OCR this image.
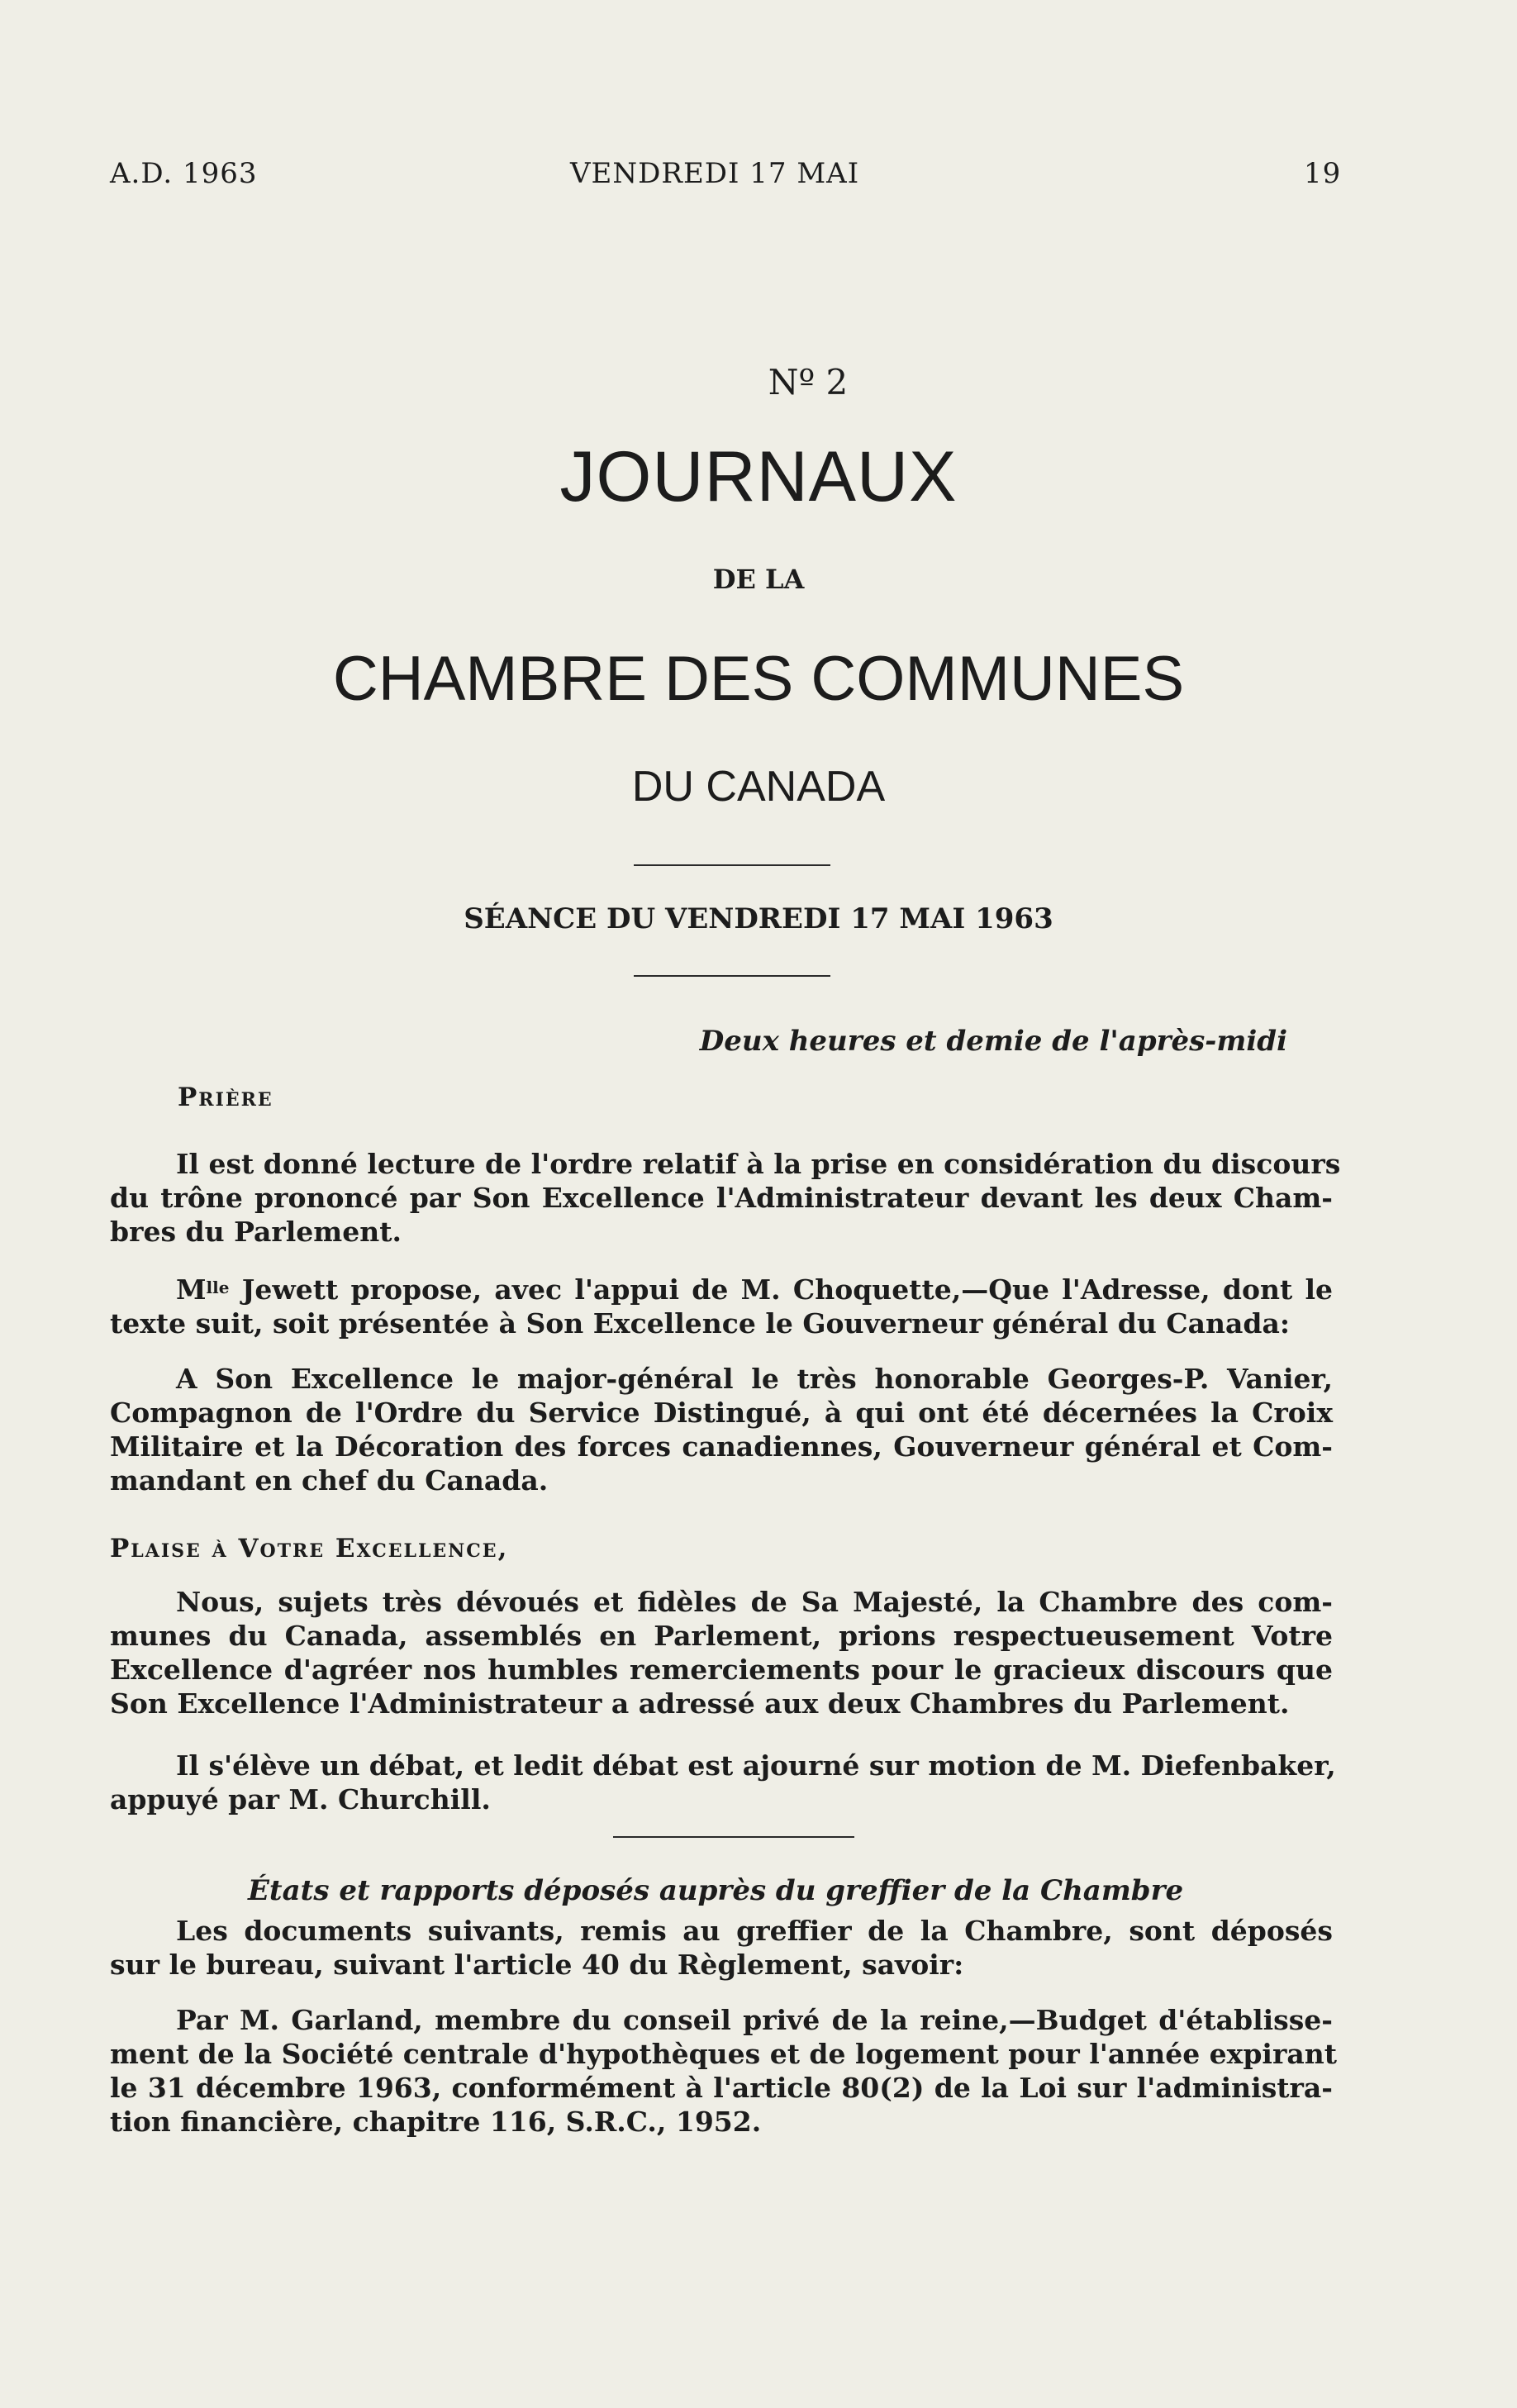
A.D. 1963	VENDREDI 17 MAI	19
Nº 2
JOURNAUX
DE LA
CHAMBRE DES COMMUNES
DU CANADA
SÉANCE DU VENDREDI 17 MAI 1963
Deux heures et demie de l'après-midi
Prière
Il est donné lecture de l'ordre relatif à la prise en considération du discours
du trône prononcé par Son Excellence l'Administrateur devant les deux Cham-
bres du Parlement.
$M^{lle}$ Jewett propose, avec l'appui de M. Choquette,—Que l'Adresse, dont le
texte suit, soit présentée à Son Excellence le Gouverneur général du Canada:
A Son Excellence le major-général le très honorable Georges-P. Vanier,
Compagnon de l'Ordre du Service Distingué, à qui ont été décernées la Croix
Militaire et la Décoration des forces canadiennes, Gouverneur général et Com-
mandant en chef du Canada.
Plaise à Votre Excellence,
Nous, sujets très dévoués et fidèles de Sa Majesté, la Chambre des com-
munes du Canada, assemblés en Parlement, prions respectueusement Votre
Excellence d'agréer nos humbles remerciements pour le gracieux discours que
Son Excellence l'Administrateur a adressé aux deux Chambres du Parlement.
Il s'élève un débat, et ledit débat est ajourné sur motion de M. Diefenbaker,
appuyé par M. Churchill.
États et rapports déposés auprès du greffier de la Chambre
Les documents suivants, remis au greffier de la Chambre, sont déposés
sur le bureau, suivant l'article 40 du Règlement, savoir:
Par M. Garland, membre du conseil privé de la reine,—Budget d'établisse-
ment de la Société centrale d'hypothèques et de logement pour l'année expirant
le 31 décembre 1963, conformément à l'article 80(2) de la Loi sur l'administra-
tion financière, chapitre 116, S.R.C., 1952.
